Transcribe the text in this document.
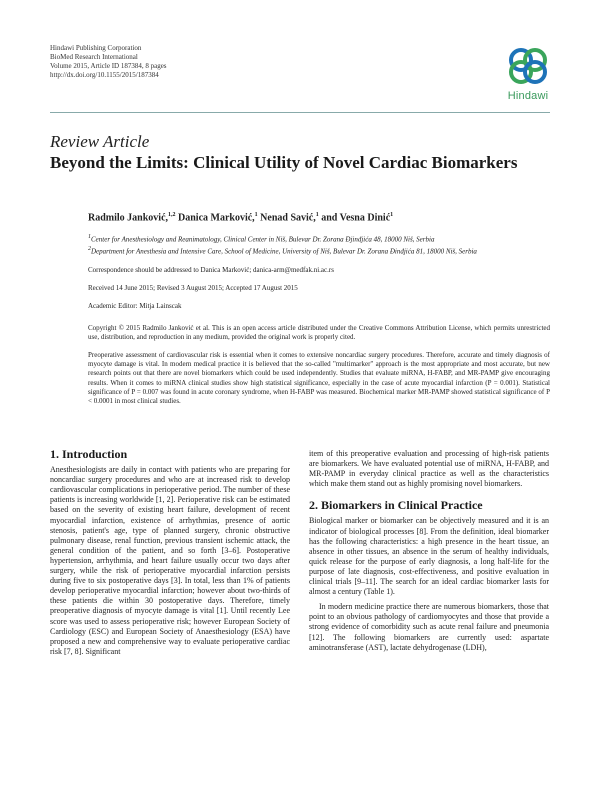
Hindawi Publishing Corporation
BioMed Research International
Volume 2015, Article ID 187384, 8 pages
http://dx.doi.org/10.1155/2015/187384
Hindawi
Review Article
Beyond the Limits: Clinical Utility of Novel Cardiac Biomarkers
Radmilo Janković,$^{1,2}$ Danica Marković,$^1$ Nenad Savić,$^1$ and Vesna Dinić$^1$

$^1$Center for Anesthesiology and Reanimatology, Clinical Center in Niš, Bulevar Dr. Zorana Đjinđjića 48, 18000 Niš, Serbia

$^2$Department for Anesthesia and Intensive Care, School of Medicine, University of Niš, Bulevar Dr. Zorana Đinđjića 81, 18000 Niš, Serbia

Correspondence should be addressed to Danica Marković; danica-arm@medfak.ni.ac.rs

Received 14 June 2015; Revised 3 August 2015; Accepted 17 August 2015

Academic Editor: Mitja Lainscak

Copyright © 2015 Radmilo Janković et al. This is an open access article distributed under the Creative Commons Attribution License, which permits unrestricted use, distribution, and reproduction in any medium, provided the original work is properly cited.

Preoperative assessment of cardiovascular risk is essential when it comes to extensive noncardiac surgery procedures. Therefore, accurate and timely diagnosis of myocyte damage is vital. In modern medical practice it is believed that the so-called "multimarker" approach is the most appropriate and most accurate, but new research points out that there are novel biomarkers which could be used independently. Studies that evaluate miRNA, H-FABP, and MR-PAMP give encouraging results. When it comes to miRNA clinical studies show high statistical significance, especially in the case of acute myocardial infarction (P = 0.001). Statistical significance of P = 0.007 was found in acute coronary syndrome, when H-FABP was measured. Biochemical marker MR-PAMP showed statistical significance of P < 0.0001 in most clinical studies.

1. Introduction

Anesthesiologists are daily in contact with patients who are preparing for noncardiac surgery procedures and who are at increased risk to develop cardiovascular complications in perioperative period. The number of these patients is increasing worldwide [1, 2]. Perioperative risk can be estimated based on the severity of existing heart failure, development of recent myocardial infarction, existence of arrhythmias, presence of aortic stenosis, patient's age, type of planned surgery, chronic obstructive pulmonary disease, renal function, previous transient ischemic attack, the general condition of the patient, and so forth [3–6]. Postoperative hypertension, arrhythmia, and heart failure usually occur two days after surgery, while the risk of perioperative myocardial infarction persists during five to six postoperative days [3]. In total, less than 1% of patients develop perioperative myocardial infarction; however about two-thirds of these patients die within 30 postoperative days. Therefore, timely preoperative diagnosis of myocyte damage is vital [1]. Until recently Lee score was used to assess perioperative risk; however European Society of Cardiology (ESC) and European Society of Anaesthesiology (ESA) have proposed a new and comprehensive way to evaluate perioperative cardiac risk [7, 8]. Significant

item of this preoperative evaluation and processing of high-risk patients are biomarkers. We have evaluated potential use of miRNA, H-FABP, and MR-PAMP in everyday clinical practice as well as the characteristics which make them stand out as highly promising novel biomarkers.

2. Biomarkers in Clinical Practice

Biological marker or biomarker can be objectively measured and it is an indicator of biological processes [8]. From the definition, ideal biomarker has the following characteristics: a high presence in the heart tissue, an absence in other tissues, an absence in the serum of healthy individuals, quick release for the purpose of early diagnosis, a long half-life for the purpose of late diagnosis, cost-effectiveness, and positive evaluation in clinical trials [9–11]. The search for an ideal cardiac biomarker lasts for almost a century (Table 1).

In modern medicine practice there are numerous biomarkers, those that point to an obvious pathology of cardiomyocytes and those that provide a strong evidence of comorbidity such as acute renal failure and pneumonia [12]. The following biomarkers are currently used: aspartate aminotransferase (AST), lactate dehydrogenase (LDH),
